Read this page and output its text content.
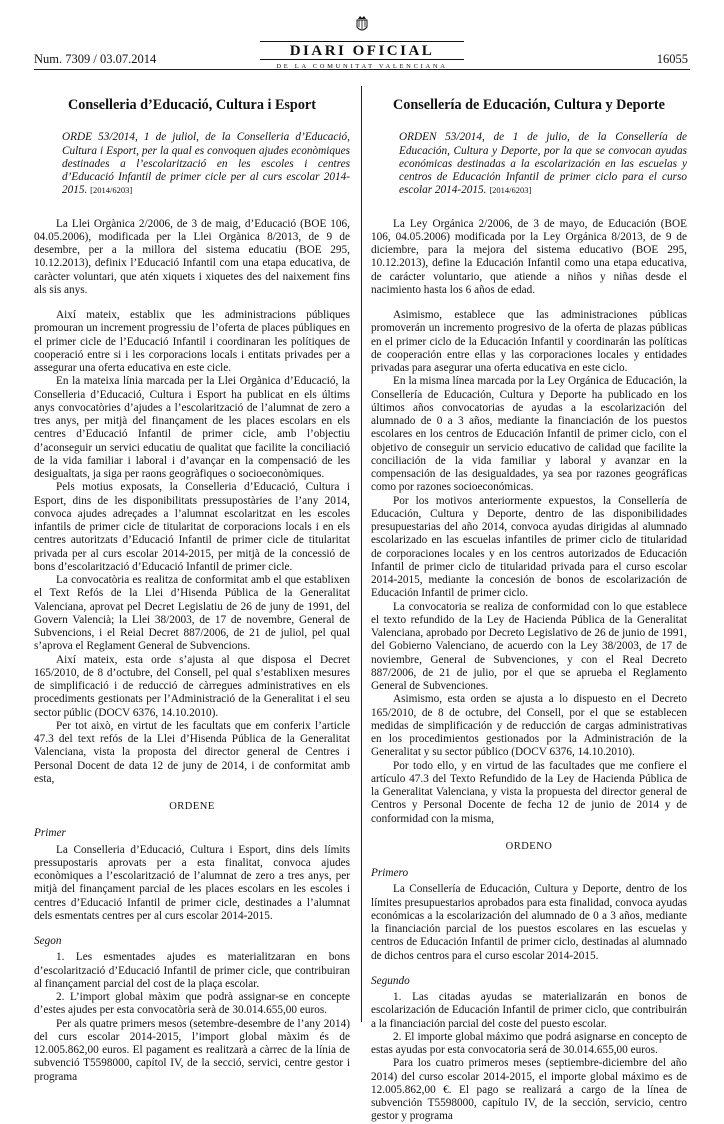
Num. 7309 / 03.07.2014	DIARI OFICIAL
DE LA COMUNITAT VALENCIANA
16055
Conselleria d’Educació, Cultura i Esport
ORDE 53/2014, 1 de juliol, de la Conselleria d’Educació, Cultura i Esport, per la qual es convoquen ajudes econòmiques destinades a l’escolarització en les escoles i centres d’Educació Infantil de primer cicle per al curs escolar 2014-2015. [2014/6203]

La Llei Orgànica 2/2006, de 3 de maig, d’Educació (BOE 106, 04.05.2006), modificada per la Llei Orgànica 8/2013, de 9 de desembre, per a la millora del sistema educatiu (BOE 295, 10.12.2013), definix l’Educació Infantil com una etapa educativa, de caràcter voluntari, que atén xiquets i xiquetes des del naixement fins als sis anys.

Així mateix, establix que les administracions públiques promouran un increment progressiu de l’oferta de places públiques en el primer cicle de l’Educació Infantil i coordinaran les polítiques de cooperació entre si i les corporacions locals i entitats privades per a assegurar una oferta educativa en este cicle.

En la mateixa línia marcada per la Llei Orgànica d’Educació, la Conselleria d’Educació, Cultura i Esport ha publicat en els últims anys convocatòries d’ajudes a l’escolarització de l’alumnat de zero a tres anys, per mitjà del finançament de les places escolars en els centres d’Educació Infantil de primer cicle, amb l’objectiu d’aconseguir un servici educatiu de qualitat que facilite la conciliació de la vida familiar i laboral i d’avançar en la compensació de les desigualtats, ja siga per raons geogràfiques o socioeconòmiques.

Pels motius exposats, la Conselleria d’Educació, Cultura i Esport, dins de les disponibilitats pressupostàries de l’any 2014, convoca ajudes adreçades a l’alumnat escolaritzat en les escoles infantils de primer cicle de titularitat de corporacions locals i en els centres autoritzats d’Educació Infantil de primer cicle de titularitat privada per al curs escolar 2014-2015, per mitjà de la concessió de bons d’escolarització d’Educació Infantil de primer cicle.

La convocatòria es realitza de conformitat amb el que establixen el Text Refós de la Llei d’Hisenda Pública de la Generalitat Valenciana, aprovat pel Decret Legislatiu de 26 de juny de 1991, del Govern Valencià; la Llei 38/2003, de 17 de novembre, General de Subvencions, i el Reial Decret 887/2006, de 21 de juliol, pel qual s’aprova el Reglament General de Subvencions.

Així mateix, esta orde s’ajusta al que disposa el Decret 165/2010, de 8 d’octubre, del Consell, pel qual s’establixen mesures de simplificació i de reducció de càrregues administratives en els procediments gestionats per l’Administració de la Generalitat i el seu sector públic (DOCV 6376, 14.10.2010).

Per tot això, en virtut de les facultats que em conferix l’article 47.3 del text refós de la Llei d’Hisenda Pública de la Generalitat Valenciana, vista la proposta del director general de Centres i Personal Docent de data 12 de juny de 2014, i de conformitat amb esta,

ORDENE
Primer

La Conselleria d’Educació, Cultura i Esport, dins dels límits pressupostaris aprovats per a esta finalitat, convoca ajudes econòmiques a l’escolarització de l’alumnat de zero a tres anys, per mitjà del finançament parcial de les places escolars en les escoles i centres d’Educació Infantil de primer cicle, destinades a l’alumnat dels esmentats centres per al curs escolar 2014-2015.

Segon

1. Les esmentades ajudes es materialitzaran en bons d’escolarització d’Educació Infantil de primer cicle, que contribuiran al finançament parcial del cost de la plaça escolar.

2. L’import global màxim que podrà assignar-se en concepte d’estes ajudes per esta convocatòria serà de 30.014.655,00 euros.

Per als quatre primers mesos (setembre-desembre de l’any 2014) del curs escolar 2014-2015, l’import global màxim és de 12.005.862,00 euros. El pagament es realitzarà a càrrec de la línia de subvenció T5598000, capítol IV, de la secció, servici, centre gestor i programa

Consellería de Educación, Cultura y Deporte
ORDEN 53/2014, de 1 de julio, de la Consellería de Educación, Cultura y Deporte, por la que se convocan ayudas económicas destinadas a la escolarización en las escuelas y centros de Educación Infantil de primer ciclo para el curso escolar 2014-2015. [2014/6203]

La Ley Orgánica 2/2006, de 3 de mayo, de Educación (BOE 106, 04.05.2006) modificada por la Ley Orgánica 8/2013, de 9 de diciembre, para la mejora del sistema educativo (BOE 295, 10.12.2013), define la Educación Infantil como una etapa educativa, de carácter voluntario, que atiende a niños y niñas desde el nacimiento hasta los 6 años de edad.

Asimismo, establece que las administraciones públicas promoverán un incremento progresivo de la oferta de plazas públicas en el primer ciclo de la Educación Infantil y coordinarán las políticas de cooperación entre ellas y las corporaciones locales y entidades privadas para asegurar una oferta educativa en este ciclo.

En la misma línea marcada por la Ley Orgánica de Educación, la Consellería de Educación, Cultura y Deporte ha publicado en los últimos años convocatorias de ayudas a la escolarización del alumnado de 0 a 3 años, mediante la financiación de los puestos escolares en los centros de Educación Infantil de primer ciclo, con el objetivo de conseguir un servicio educativo de calidad que facilite la conciliación de la vida familiar y laboral y avanzar en la compensación de las desigualdades, ya sea por razones geográficas como por razones socioeconómicas.

Por los motivos anteriormente expuestos, la Consellería de Educación, Cultura y Deporte, dentro de las disponibilidades presupuestarias del año 2014, convoca ayudas dirigidas al alumnado escolarizado en las escuelas infantiles de primer ciclo de titularidad de corporaciones locales y en los centros autorizados de Educación Infantil de primer ciclo de titularidad privada para el curso escolar 2014-2015, mediante la concesión de bonos de escolarización de Educación Infantil de primer ciclo.

La convocatoria se realiza de conformidad con lo que establece el texto refundido de la Ley de Hacienda Pública de la Generalitat Valenciana, aprobado por Decreto Legislativo de 26 de junio de 1991, del Gobierno Valenciano, de acuerdo con la Ley 38/2003, de 17 de noviembre, General de Subvenciones, y con el Real Decreto 887/2006, de 21 de julio, por el que se aprueba el Reglamento General de Subvenciones.

Asimismo, esta orden se ajusta a lo dispuesto en el Decreto 165/2010, de 8 de octubre, del Consell, por el que se establecen medidas de simplificación y de reducción de cargas administrativas en los procedimientos gestionados por la Administración de la Generalitat y su sector público (DOCV 6376, 14.10.2010).

Por todo ello, y en virtud de las facultades que me confiere el artículo 47.3 del Texto Refundido de la Ley de Hacienda Pública de la Generalitat Valenciana, y vista la propuesta del director general de Centros y Personal Docente de fecha 12 de junio de 2014 y de conformidad con la misma,

ORDENO
Primero

La Consellería de Educación, Cultura y Deporte, dentro de los límites presupuestarios aprobados para esta finalidad, convoca ayudas económicas a la escolarización del alumnado de 0 a 3 años, mediante la financiación parcial de los puestos escolares en las escuelas y centros de Educación Infantil de primer ciclo, destinadas al alumnado de dichos centros para el curso escolar 2014-2015.

Segundo

1. Las citadas ayudas se materializarán en bonos de escolarización de Educación Infantil de primer ciclo, que contribuirán a la financiación parcial del coste del puesto escolar.

2. El importe global máximo que podrá asignarse en concepto de estas ayudas por esta convocatoria será de 30.014.655,00 euros.

Para los cuatro primeros meses (septiembre-diciembre del año 2014) del curso escolar 2014-2015, el importe global máximo es de 12.005.862,00 €. El pago se realizará a cargo de la línea de subvención T5598000, capítulo IV, de la sección, servicio, centro gestor y programa
